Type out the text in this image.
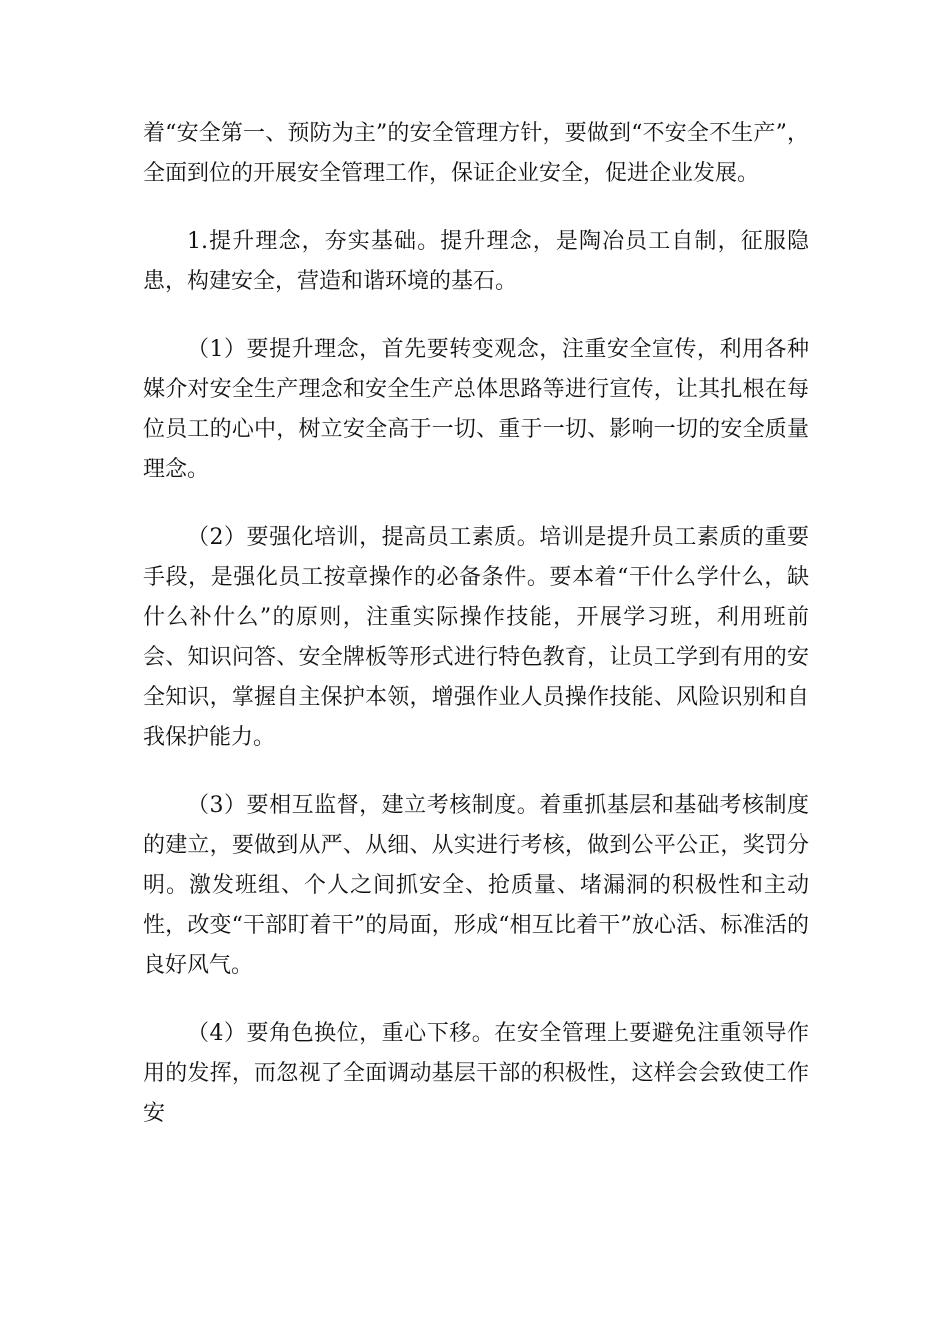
着“安全第一、预防为主”的安全管理方针，要做到“不安全不生产”，全面到位的开展安全管理工作，保证企业安全，促进企业发展。

1.提升理念，夯实基础。提升理念，是陶冶员工自制，征服隐患，构建安全，营造和谐环境的基石。

（1）要提升理念，首先要转变观念，注重安全宣传，利用各种媒介对安全生产理念和安全生产总体思路等进行宣传，让其扎根在每位员工的心中，树立安全高于一切、重于一切、影响一切的安全质量理念。

（2）要强化培训，提高员工素质。培训是提升员工素质的重要手段，是强化员工按章操作的必备条件。要本着“干什么学什么，缺什么补什么”的原则，注重实际操作技能，开展学习班，利用班前会、知识问答、安全牌板等形式进行特色教育，让员工学到有用的安全知识，掌握自主保护本领，增强作业人员操作技能、风险识别和自我保护能力。

（3）要相互监督，建立考核制度。着重抓基层和基础考核制度的建立，要做到从严、从细、从实进行考核，做到公平公正，奖罚分明。激发班组、个人之间抓安全、抢质量、堵漏洞的积极性和主动性，改变“干部盯着干”的局面，形成“相互比着干”放心活、标准活的良好风气。

（4）要角色换位，重心下移。在安全管理上要避免注重领导作用的发挥，而忽视了全面调动基层干部的积极性，这样会会致使工作安
